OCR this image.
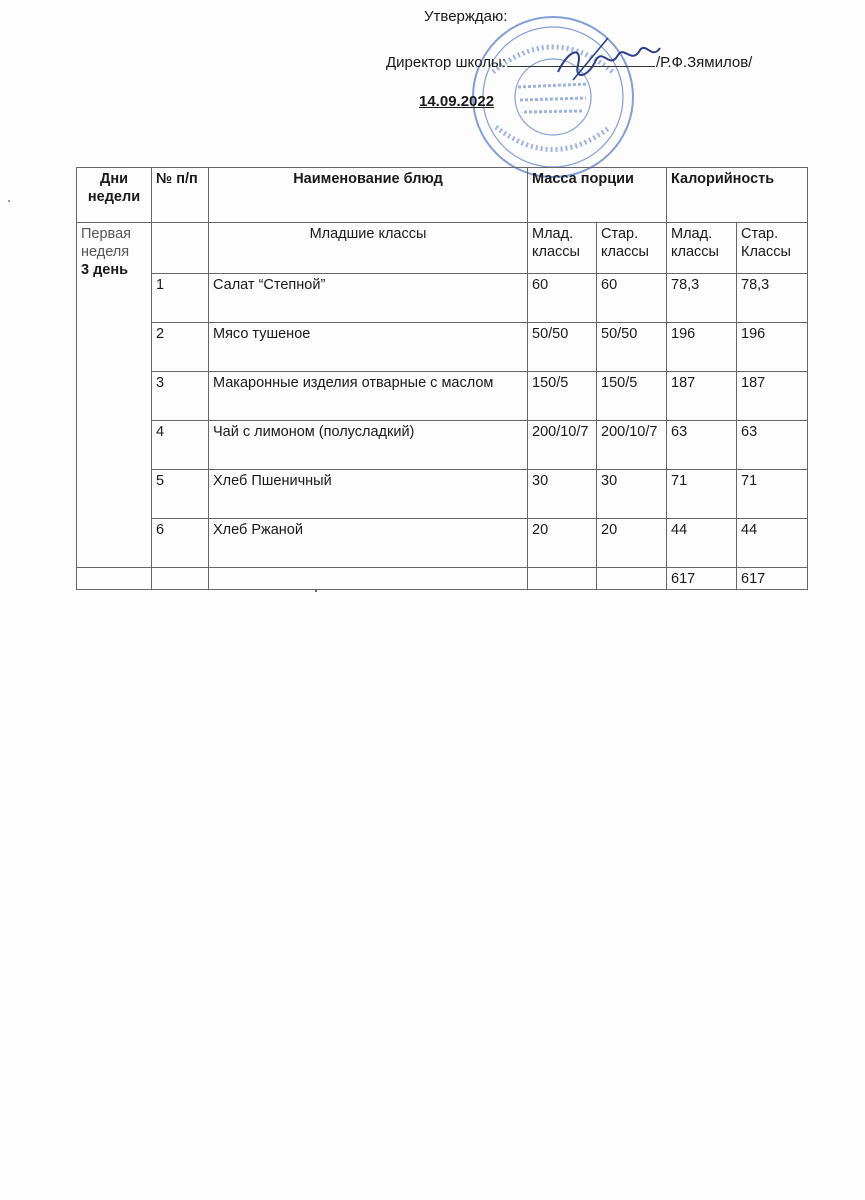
Утверждаю:
Директор школы:	/Р.Ф.Зямилов/
14.09.2022
Дни недели	№ п/п	Наименование блюд	Масса порции		Калорийность	

Первая неделя
3 день		Младшие классы	Млад. классы	Стар. классы	Млад. классы	Стар. Классы
	1	Салат “Степной”	60	60	78,3	78,3
	2	Мясо тушеное	50/50	50/50	196	196
	3	Макаронные изделия отварные с маслом	150/5	150/5	187	187
	4	Чай с лимоном (полусладкий)	200/10/7	200/10/7	63	63
	5	Хлеб Пшеничный	30	30	71	71
	6	Хлеб Ржаной	20	20	44	44
					617	617
